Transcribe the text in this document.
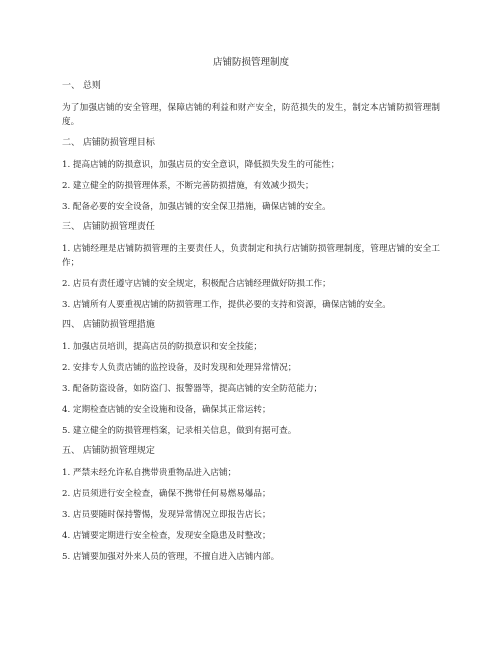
店铺防损管理制度
一、 总则
为了加强店铺的安全管理，保障店铺的利益和财产安全，防范损失的发生，制定本店铺防损管理制度。
二、 店铺防损管理目标
1. 提高店铺的防损意识，加强店员的安全意识，降低损失发生的可能性；
2. 建立健全的防损管理体系，不断完善防损措施，有效减少损失；
3. 配备必要的安全设备，加强店铺的安全保卫措施，确保店铺的安全。
三、 店铺防损管理责任
1. 店铺经理是店铺防损管理的主要责任人，负责制定和执行店铺防损管理制度，管理店铺的安全工作；
2. 店员有责任遵守店铺的安全规定，积极配合店铺经理做好防损工作；
3. 店铺所有人要重视店铺的防损管理工作，提供必要的支持和资源，确保店铺的安全。
四、 店铺防损管理措施
1. 加强店员培训，提高店员的防损意识和安全技能；
2. 安排专人负责店铺的监控设备，及时发现和处理异常情况；
3. 配备防盗设备，如防盗门、报警器等，提高店铺的安全防范能力；
4. 定期检查店铺的安全设施和设备，确保其正常运转；
5. 建立健全的防损管理档案，记录相关信息，做到有据可查。
五、 店铺防损管理规定
1. 严禁未经允许私自携带贵重物品进入店铺；
2. 店员须进行安全检查，确保不携带任何易燃易爆品；
3. 店员要随时保持警惕，发现异常情况立即报告店长；
4. 店铺要定期进行安全检查，发现安全隐患及时整改；
5. 店铺要加强对外来人员的管理，不擅自进入店铺内部。
